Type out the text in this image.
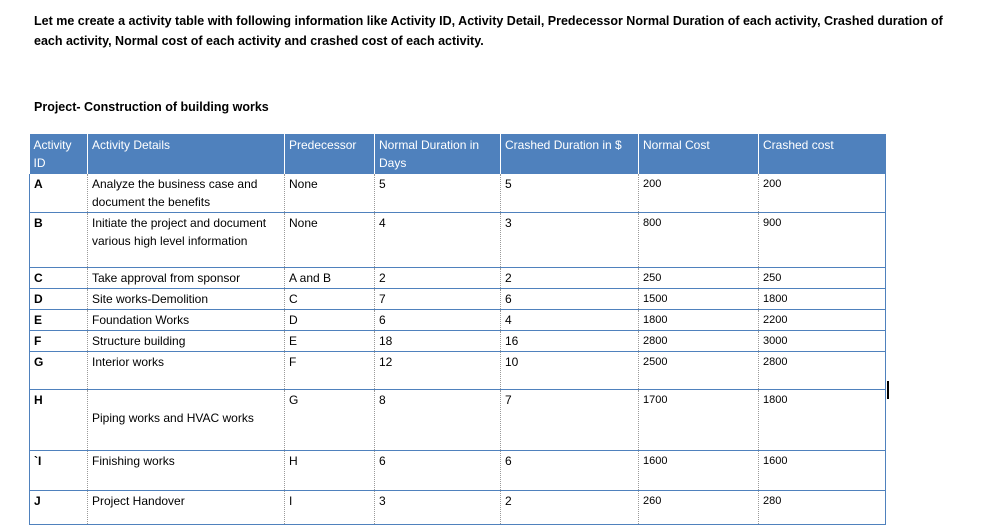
Let me create a activity table with following information like Activity ID, Activity Detail, Predecessor Normal Duration of each activity, Crashed duration of each activity, Normal cost of each activity and crashed cost of each activity.
Project- Construction of building works
Activity ID	Activity Details	Predecessor	Normal Duration in Days	Crashed Duration in $	Normal Cost	Crashed cost
A	Analyze the business case and document the benefits	None	5	5	200	200
B	Initiate the project and document various high level information	None	4	3	800	900
C	Take approval from sponsor	A and B	2	2	250	250
D	Site works-Demolition	C	7	6	1500	1800
E	Foundation Works	D	6	4	1800	2200
F	Structure building	E	18	16	2800	3000
G	Interior works	F	12	10	2500	2800
H	Piping works and HVAC works	G	8	7	1700	1800
`I	Finishing works	H	6	6	1600	1600
J	Project Handover	I	3	2	260	280
